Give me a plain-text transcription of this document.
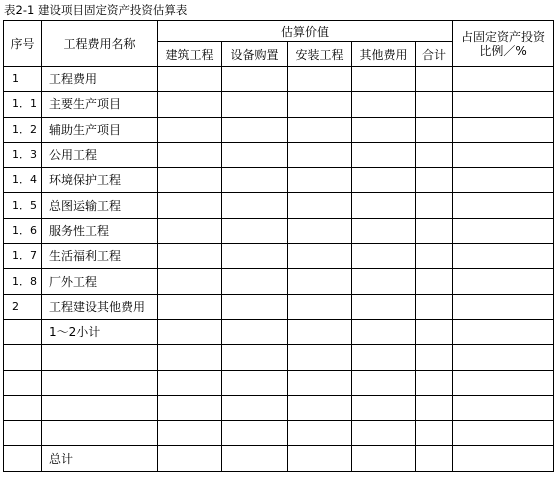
表2-1 建设项目固定资产投资估算表
序号	工程费用名称	估算价值					占固定资产投资比例／%
		建筑工程	设备购置	安装工程	其他费用	合计	
1	工程费用						
1．1	主要生产项目						
1．2	辅助生产项目						
1．3	公用工程						
1．4	环境保护工程						
1．5	总图运输工程						
1．6	服务性工程						
1．7	生活福利工程						
1．8	厂外工程						
2	工程建设其他费用						
	1～2小计						

	总计						
